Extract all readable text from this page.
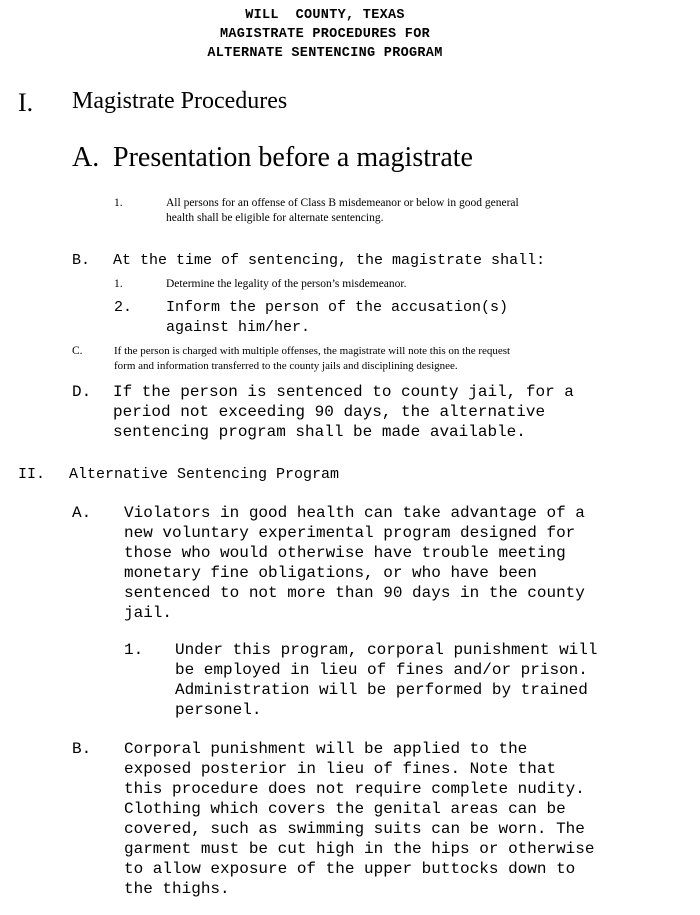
WILL  COUNTY, TEXAS
MAGISTRATE PROCEDURES FOR
ALTERNATE SENTENCING PROGRAM
I. Magistrate Procedures
A. Presentation before a magistrate
1.	All persons for an offense of Class B misdemeanor or below in good general
health shall be eligible for alternate sentencing.
B. At the time of sentencing, the magistrate shall:
1.	Determine the legality of the person’s misdemeanor.
2. Inform the person of the accusation(s)
against him/her.
C.	If the person is charged with multiple offenses, the magistrate will note this on the request
form and information transferred to the county jails and disciplining designee.
D. If the person is sentenced to county jail, for a
period not exceeding 90 days, the alternative
sentencing program shall be made available.
II. Alternative Sentencing Program
A. Violators in good health can take advantage of a
new voluntary experimental program designed for
those who would otherwise have trouble meeting
monetary fine obligations, or who have been
sentenced to not more than 90 days in the county
jail.
1. Under this program, corporal punishment will
be employed in lieu of fines and/or prison.
Administration will be performed by trained
personel.
B. Corporal punishment will be applied to the
exposed posterior in lieu of fines. Note that
this procedure does not require complete nudity.
Clothing which covers the genital areas can be
covered, such as swimming suits can be worn. The
garment must be cut high in the hips or otherwise
to allow exposure of the upper buttocks down to
the thighs.
